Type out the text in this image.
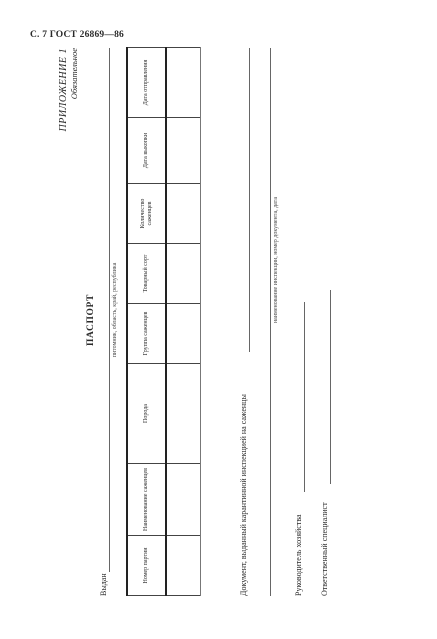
С. 7 ГОСТ 26869—86
ПРИЛОЖЕНИЕ 1 Обязательное
ПАСПОРТ
Выдан
питомник, область, край, республика
Номер партии	Наименование саженцев	Порода	Группа саженцев	Товарный сорт	Количество саженцев	Дата выкопки	Дата отправления

Документ, выданный карантинной инспекцией на саженцы
наименование инспекции, номер документа, дата
Руководитель хозяйства Ответственный специалист
